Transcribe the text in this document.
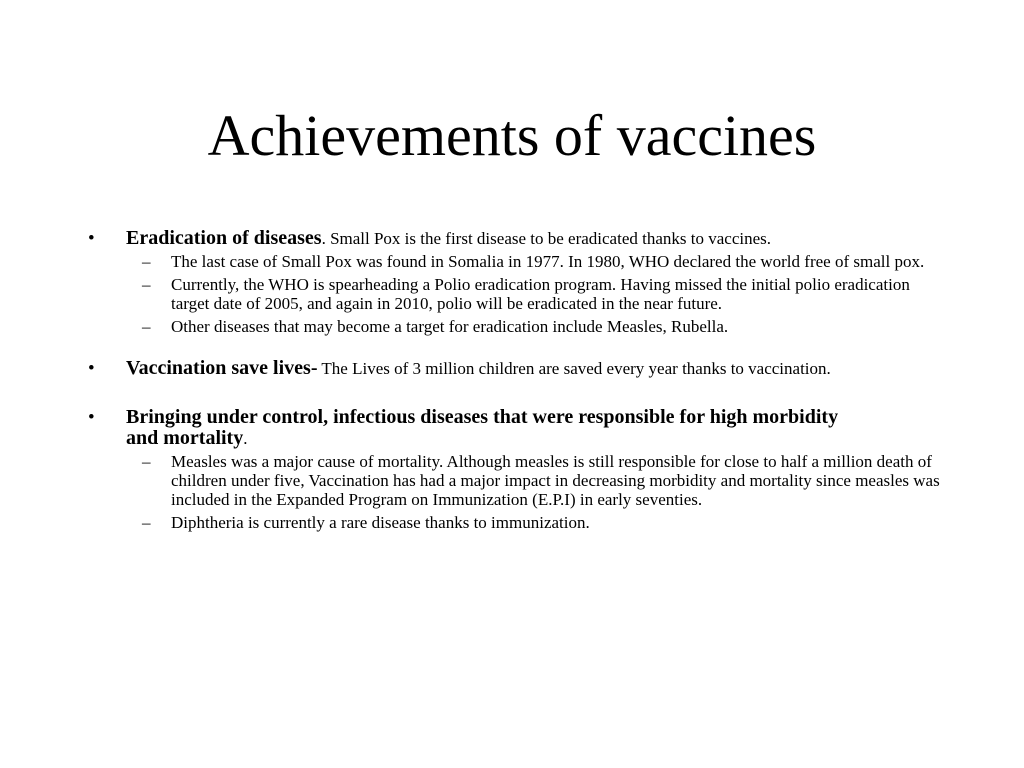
Achievements of vaccines
• Eradication of diseases. Small Pox is the first disease to be eradicated thanks to vaccines.
– The last case of Small Pox was found in Somalia in 1977. In 1980, WHO declared the world free of small pox.
– Currently, the WHO is spearheading a Polio eradication program. Having missed the initial polio eradication target date of 2005, and again in 2010, polio will be eradicated in the near future.
– Other diseases that may become a target for eradication include Measles, Rubella.
• Vaccination save lives- The Lives of 3 million children are saved every year thanks to vaccination.
• Bringing under control, infectious diseases that were responsible for high morbidity and mortality.
– Measles was a major cause of mortality. Although measles is still responsible for close to half a million death of children under five, Vaccination has had a major impact in decreasing morbidity and mortality since measles was included in the Expanded Program on Immunization (E.P.I) in early seventies.
– Diphtheria is currently a rare disease thanks to immunization.
